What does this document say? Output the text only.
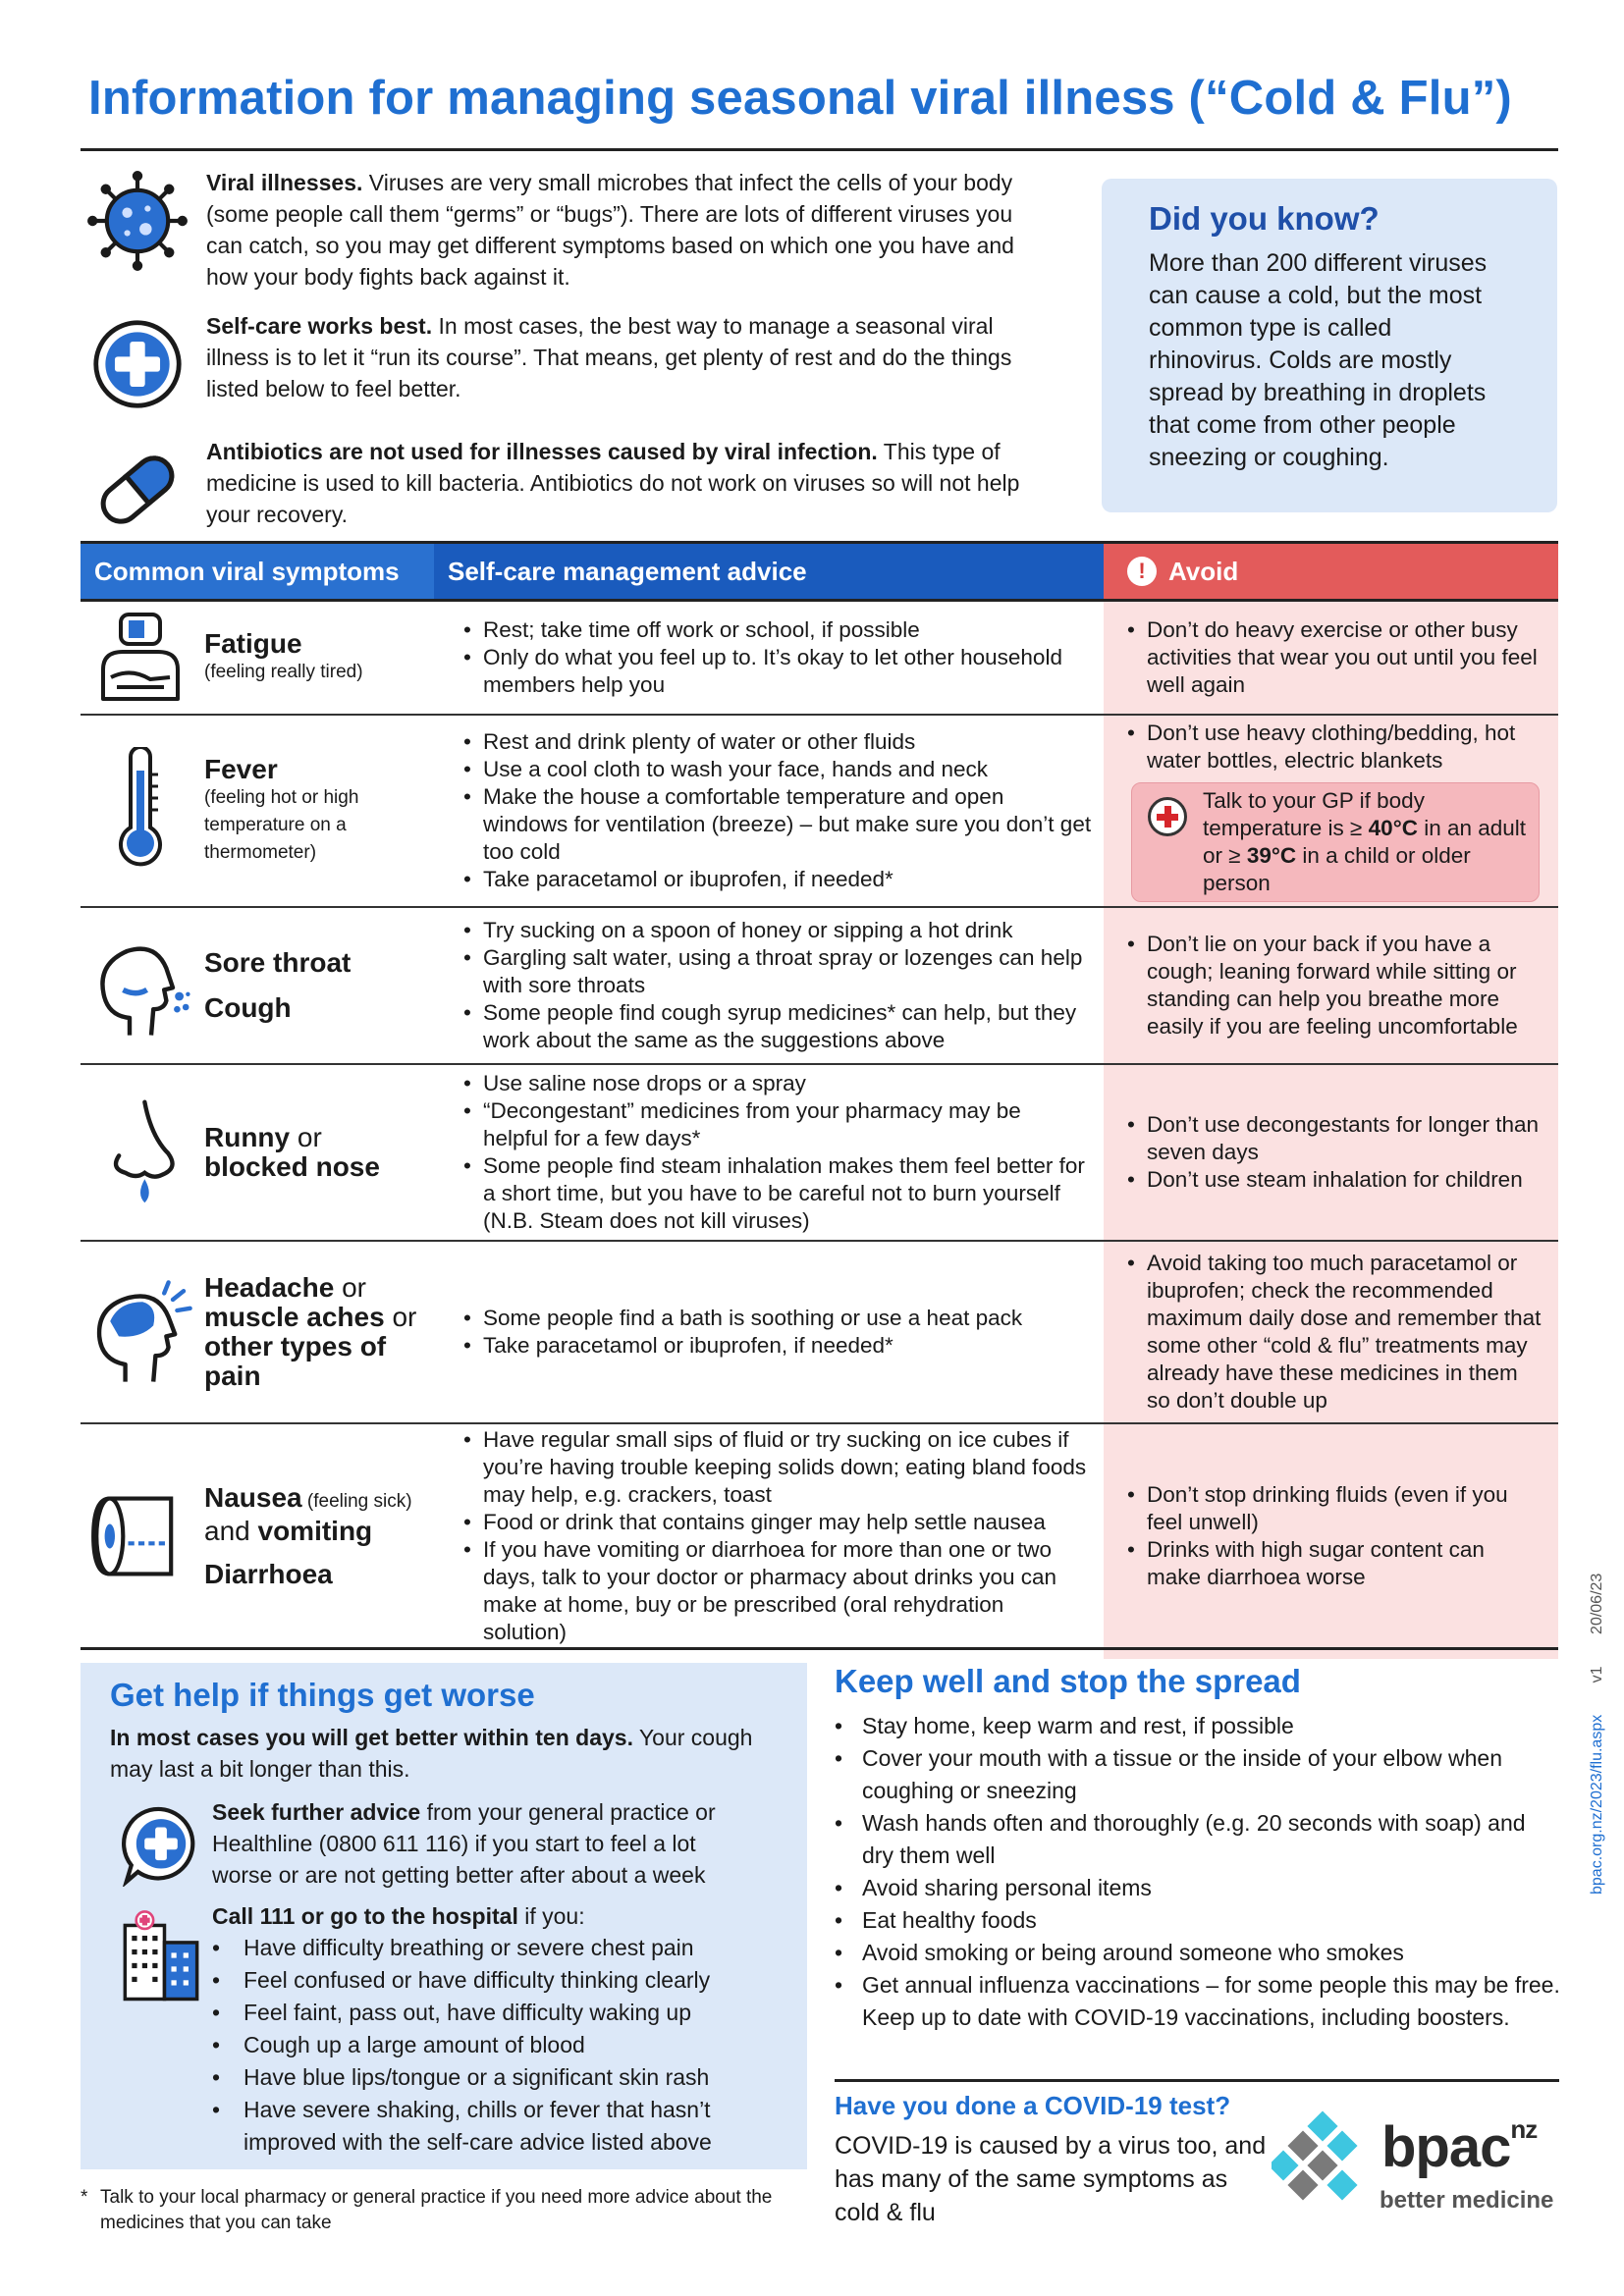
Information for managing seasonal viral illness (“Cold & Flu”)
Viral illnesses. Viruses are very small microbes that infect the cells of your body (some people call them “germs” or “bugs”). There are lots of different viruses you can catch, so you may get different symptoms based on which one you have and how your body fights back against it.
Self-care works best. In most cases, the best way to manage a seasonal viral illness is to let it “run its course”. That means, get plenty of rest and do the things listed below to feel better.
Antibiotics are not used for illnesses caused by viral infection. This type of medicine is used to kill bacteria. Antibiotics do not work on viruses so will not help your recovery.
Did you know?

More than 200 different viruses can cause a cold, but the most common type is called rhinovirus. Colds are mostly spread by breathing in droplets that come from other people sneezing or coughing.

Common viral symptoms	Self-care management advice	! Avoid
Fatigue
(feeling really tired)
• Rest; take time off work or school, if possible
• Only do what you feel up to. It’s okay to let other household members help you
• Don’t do heavy exercise or other busy activities that wear you out until you feel well again
Fever
(feeling hot or high temperature on a thermometer)
• Rest and drink plenty of water or other fluids
• Use a cool cloth to wash your face, hands and neck
• Make the house a comfortable temperature and open windows for ventilation (breeze) – but make sure you don’t get too cold
• Take paracetamol or ibuprofen, if needed*
• Don’t use heavy clothing/bedding, hot water bottles, electric blankets
Talk to your GP if body temperature is ≥ 40°C in an adult or ≥ 39°C in a child or older person
Sore throat
Cough
• Try sucking on a spoon of honey or sipping a hot drink
• Gargling salt water, using a throat spray or lozenges can help with sore throats
• Some people find cough syrup medicines* can help, but they work about the same as the suggestions above
• Don’t lie on your back if you have a cough; leaning forward while sitting or standing can help you breathe more easily if you are feeling uncomfortable
Runny or
blocked nose
• Use saline nose drops or a spray
• “Decongestant” medicines from your pharmacy may be helpful for a few days*
• Some people find steam inhalation makes them feel better for a short time, but you have to be careful not to burn yourself (N.B. Steam does not kill viruses)
• Don’t use decongestants for longer than seven days
• Don’t use steam inhalation for children
Headache or
muscle aches or
other types of pain
• Some people find a bath is soothing or use a heat pack
• Take paracetamol or ibuprofen, if needed*
• Avoid taking too much paracetamol or ibuprofen; check the recommended maximum daily dose and remember that some other “cold & flu” treatments may already have these medicines in them so don’t double up
Nausea (feeling sick)
and vomiting
Diarrhoea
• Have regular small sips of fluid or try sucking on ice cubes if you’re having trouble keeping solids down; eating bland foods may help, e.g. crackers, toast
• Food or drink that contains ginger may help settle nausea
• If you have vomiting or diarrhoea for more than one or two days, talk to your doctor or pharmacy about drinks you can make at home, buy or be prescribed (oral rehydration solution)
• Don’t stop drinking fluids (even if you feel unwell)
• Drinks with high sugar content can make diarrhoea worse
Get help if things get worse

In most cases you will get better within ten days. Your cough may last a bit longer than this.

Seek further advice from your general practice or Healthline (0800 611 116) if you start to feel a lot worse or are not getting better after about a week
Call 111 or go to the hospital if you:
• Have difficulty breathing or severe chest pain
• Feel confused or have difficulty thinking clearly
• Feel faint, pass out, have difficulty waking up
• Cough up a large amount of blood
• Have blue lips/tongue or a significant skin rash
• Have severe shaking, chills or fever that hasn’t improved with the self-care advice listed above
Keep well and stop the spread
• Stay home, keep warm and rest, if possible
• Cover your mouth with a tissue or the inside of your elbow when coughing or sneezing
• Wash hands often and thoroughly (e.g. 20 seconds with soap) and dry them well
• Avoid sharing personal items
• Eat healthy foods
• Avoid smoking or being around someone who smokes
• Get annual influenza vaccinations – for some people this may be free. Keep up to date with COVID-19 vaccinations, including boosters.
Have you done a COVID-19 test?

COVID-19 is caused by a virus too, and has many of the same symptoms as cold & flu

bpac$^{nz}$
better medicine
* Talk to your local pharmacy or general practice if you need more advice about the medicines that you can take
bpac.org.nz/2023/flu.aspx v1 20/06/23
